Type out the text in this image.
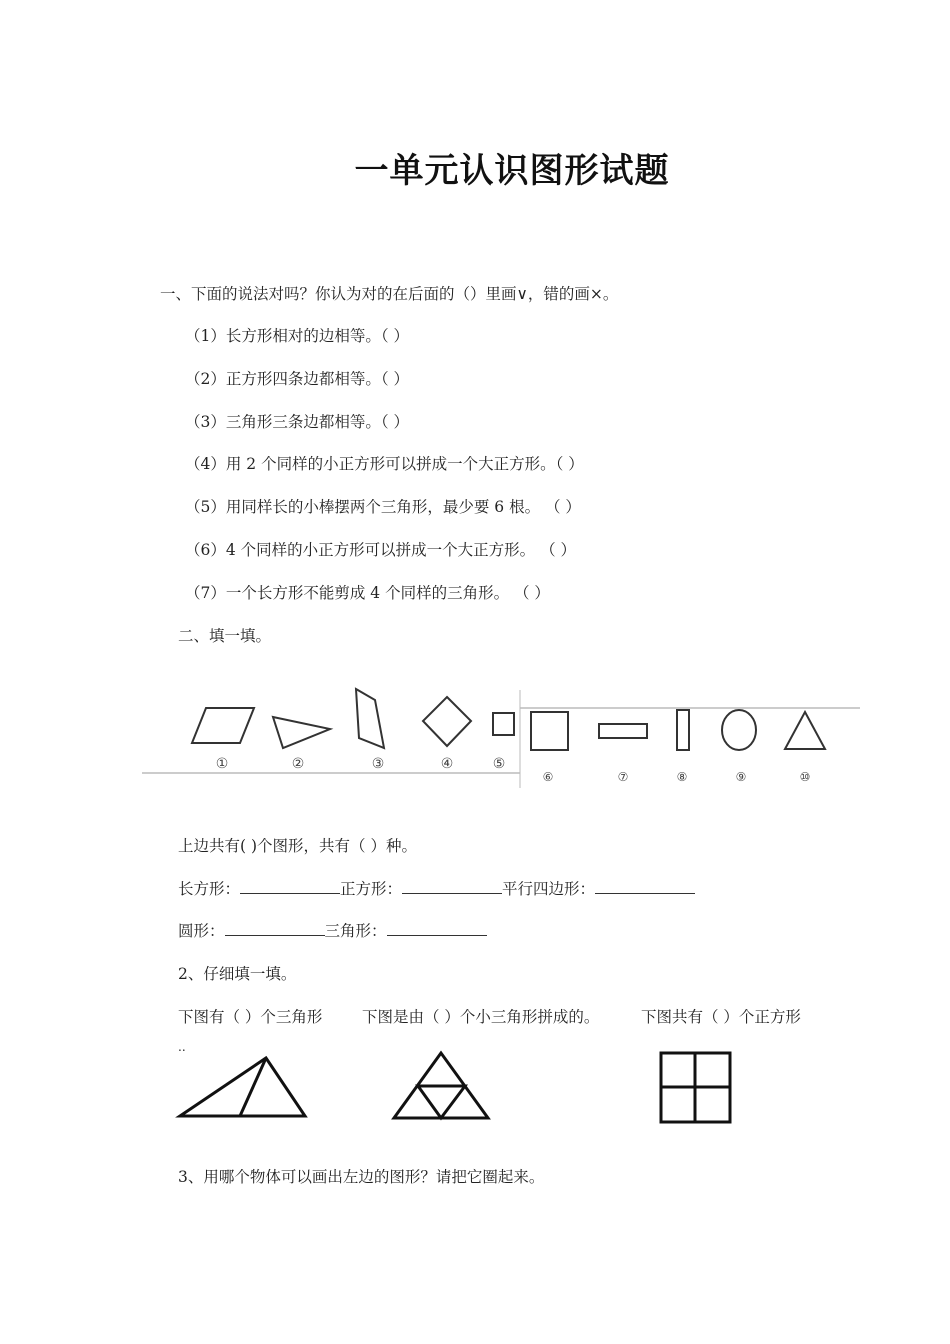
一单元认识图形试题
一、下面的说法对吗？你认为对的在后面的（）里画∨，错的画×。
（1）长方形相对的边相等。（ ）
（2）正方形四条边都相等。（ ）
（3）三角形三条边都相等。（ ）
（4）用 2 个同样的小正方形可以拼成一个大正方形。（ ）
（5）用同样长的小棒摆两个三角形，最少要 6 根。 （ ）
（6）4 个同样的小正方形可以拼成一个大正方形。 （ ）
（7）一个长方形不能剪成 4 个同样的三角形。 （ ）
二、填一填。
①	②	③	④	⑤
⑥	⑦	⑧	⑨	⑩
上边共有( )个图形，共有（ ）种。
长方形：	正方形：	平行四边形：
圆形：	三角形：
2、仔细填一填。
下图有（ ）个三角形	下图是由（ ）个小三角形拼成的。	下图共有（ ）个正方形
..
3、用哪个物体可以画出左边的图形？请把它圈起来。
